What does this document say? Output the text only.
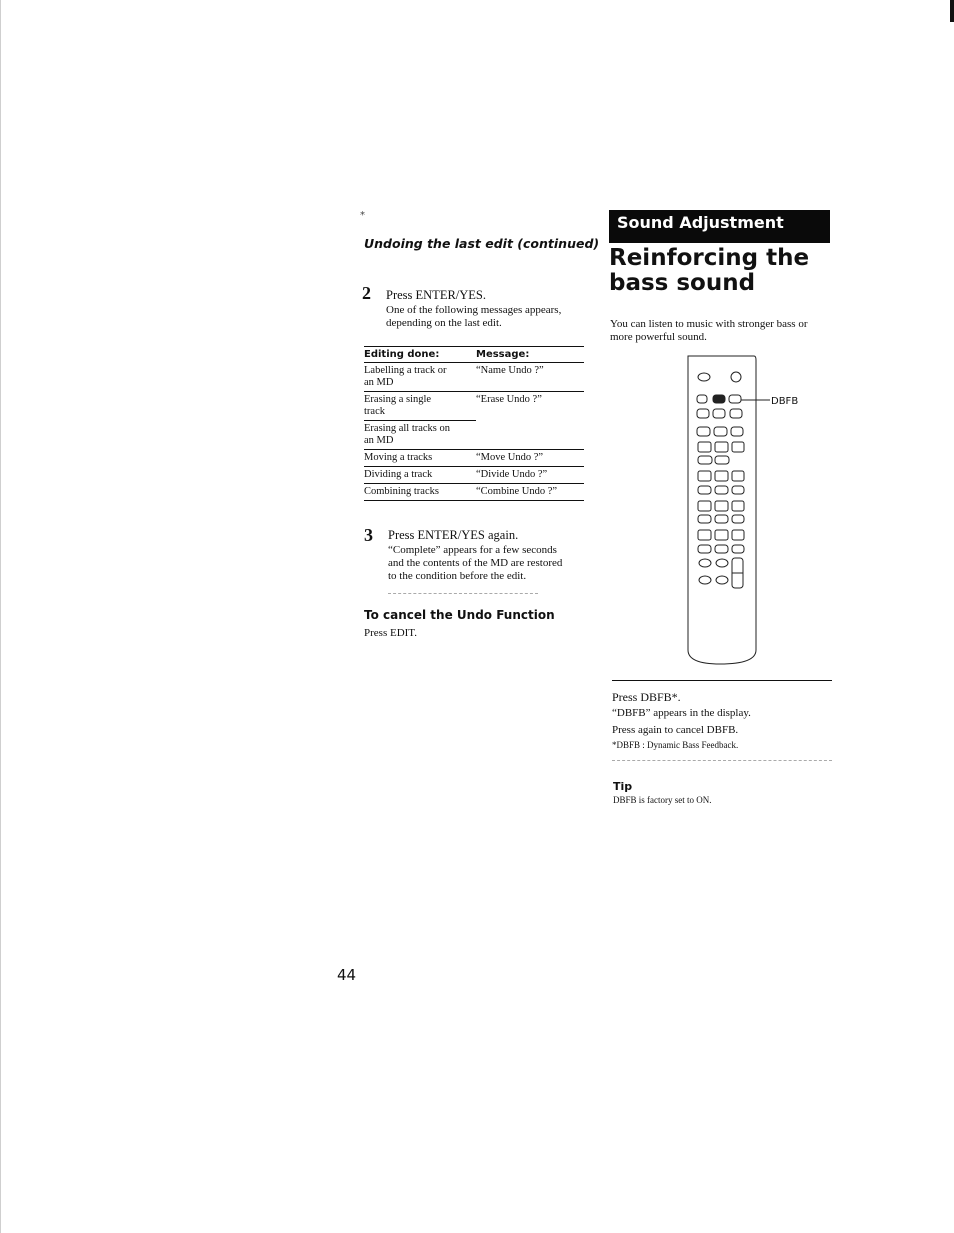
*
Undoing the last edit (continued)
2 Press ENTER/YES.
One of the following messages appears,
depending on the last edit.
Editing done:	Message:

Labelling a track or
an MD	“Name Undo ?”

Erasing a single
track	“Erase Undo ?”

Erasing all tracks on
an MD	

Moving a tracks	“Move Undo ?”

Dividing a track	“Divide Undo ?”

Combining tracks	“Combine Undo ?”
3 Press ENTER/YES again.
“Complete” appears for a few seconds
and the contents of the MD are restored
to the condition before the edit.
To cancel the Undo Function
Press EDIT.
44
Sound Adjustment
Reinforcing the
bass sound
You can listen to music with stronger bass or
more powerful sound.
DBFB
Press DBFB*.
“DBFB” appears in the display.
Press again to cancel DBFB.
*DBFB : Dynamic Bass Feedback.
Tip
DBFB is factory set to ON.
